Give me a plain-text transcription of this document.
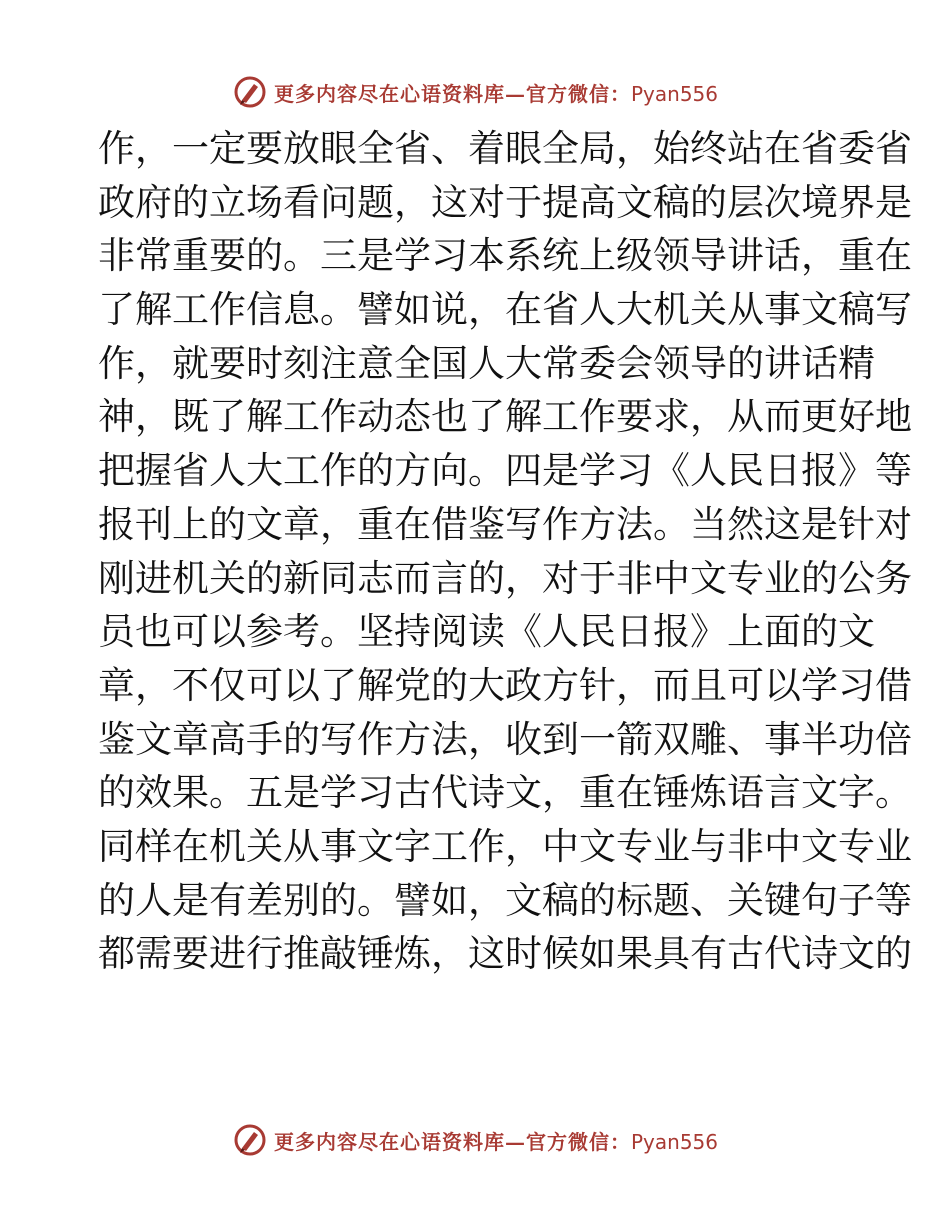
更多内容尽在心语资料库—官方微信：Pyan556
作，一定要放眼全省、着眼全局，始终站在省委省
政府的立场看问题，这对于提高文稿的层次境界是
非常重要的。三是学习本系统上级领导讲话，重在
了解工作信息。譬如说，在省人大机关从事文稿写
作，就要时刻注意全国人大常委会领导的讲话精
神，既了解工作动态也了解工作要求，从而更好地
把握省人大工作的方向。四是学习《人民日报》等
报刊上的文章，重在借鉴写作方法。当然这是针对
刚进机关的新同志而言的，对于非中文专业的公务
员也可以参考。坚持阅读《人民日报》上面的文
章，不仅可以了解党的大政方针，而且可以学习借
鉴文章高手的写作方法，收到一箭双雕、事半功倍
的效果。五是学习古代诗文，重在锤炼语言文字。
同样在机关从事文字工作，中文专业与非中文专业
的人是有差别的。譬如，文稿的标题、关键句子等
都需要进行推敲锤炼，这时候如果具有古代诗文的
更多内容尽在心语资料库—官方微信：Pyan556
